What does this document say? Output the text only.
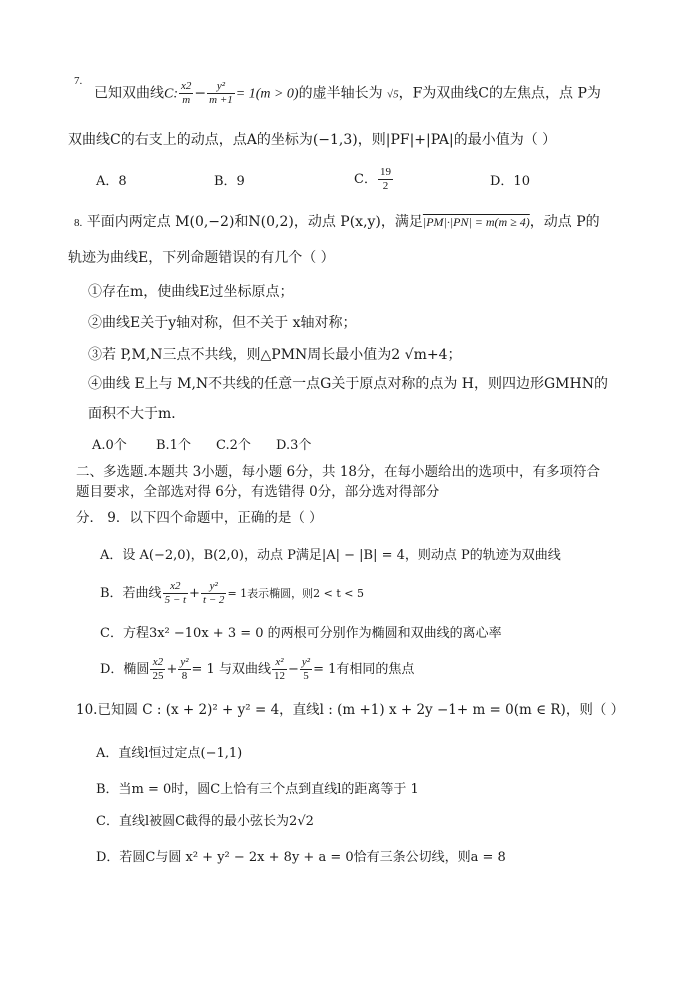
$^{7.}$
已知双曲线C: $\frac{x2}{m} - \frac{\text{y²}}{m +1} = 1(m > 0)$的虚半轴长为 √5，F为双曲线C的左焦点，点 P为
双曲线C的右支上的动点，点A的坐标为(−1,3)，则|PF|+|PA|的最小值为（ ）
A．8	B．9	C． $\frac{19}{2}$	D．10
8. 平面内两定点 M(0,−2)和N(0,2)，动点 P(x,y)，满足|PM|·|PN| = m(m ≥ 4)，动点 P的
轨迹为曲线E，下列命题错误的有几个（ ）
①存在m，使曲线E过坐标原点；
②曲线E关于y轴对称，但不关于 x轴对称；
③若 P,M,N三点不共线，则△PMN周长最小值为2 √m+4；
④曲线 E上与 M,N不共线的任意一点G关于原点对称的点为 H，则四边形GMHN的
面积不大于m．
A.0个 B.1个 C.2个 D.3个
二、多选题.本题共 3小题，每小题 6分，共 18分，在每小题给出的选项中，有多项符合
题目要求，全部选对得 6分，有选错得 0分，部分选对得部分
分． 9．以下四个命题中，正确的是（ ）
A．设 A(−2,0)，B(2,0)，动点 P满足|A| − |B| = 4，则动点 P的轨迹为双曲线
B．若曲线 $\frac{x2}{5 - t} + \frac{\text{y²}}{t - 2} = 1$表示椭圆，则2 < t < 5
C．方程3x² −10x + 3 = 0 的两根可分别作为椭圆和双曲线的离心率
D．椭圆 $\frac{x2}{25} + \frac{\text{y²}}{8} = 1$ 与双曲线 $\frac{\text{x²}}{12} - \frac{\text{y²}}{5} = 1$有相同的焦点
10.已知圆 C : (x + 2)² + y² = 4，直线l : (m +1) x + 2y −1+ m = 0(m ∈ R)，则（ ）
A．直线l恒过定点(−1,1)
B．当m = 0时，圆C上恰有三个点到直线l的距离等于 1
C．直线l被圆C截得的最小弦长为2√2
D．若圆C与圆 x² + y² − 2x + 8y + a = 0恰有三条公切线，则a = 8
